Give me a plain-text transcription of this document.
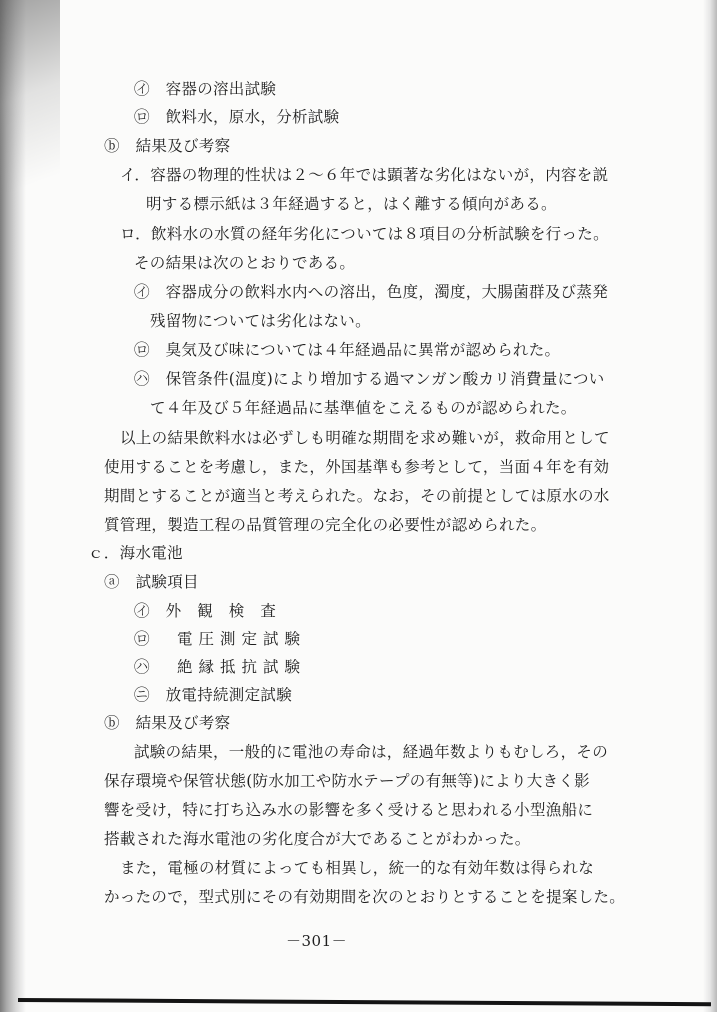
㋑　容器の溶出試験
㋺　飲料水，原水，分析試験
ⓑ　結果及び考察
イ．容器の物理的性状は２～６年では顕著な劣化はないが，内容を説
明する標示紙は３年経過すると，はく離する傾向がある。
ロ．飲料水の水質の経年劣化については８項目の分析試験を行った。
その結果は次のとおりである。
㋑　容器成分の飲料水内への溶出，色度，濁度，大腸菌群及び蒸発
残留物については劣化はない。
㋺　臭気及び味については４年経過品に異常が認められた。
㋩　保管条件(温度)により増加する過マンガン酸カリ消費量につい
て４年及び５年経過品に基準値をこえるものが認められた。
以上の結果飲料水は必ずしも明確な期間を求め難いが，救命用として
使用することを考慮し，また，外国基準も参考として，当面４年を有効
期間とすることが適当と考えられた。なお，その前提としては原水の水
質管理，製造工程の品質管理の完全化の必要性が認められた。
ｃ．海水電池
ⓐ　試験項目
㋑　外　観　検　査
㋺　電圧測定試験
㋩　絶縁抵抗試験
㋥　放電持続測定試験
ⓑ　結果及び考察
試験の結果，一般的に電池の寿命は，経過年数よりもむしろ，その
保存環境や保管状態(防水加工や防水テープの有無等)により大きく影
響を受け，特に打ち込み水の影響を多く受けると思われる小型漁船に
搭載された海水電池の劣化度合が大であることがわかった。
また，電極の材質によっても相異し，統一的な有効年数は得られな
かったので，型式別にその有効期間を次のとおりとすることを提案した。
－301－
